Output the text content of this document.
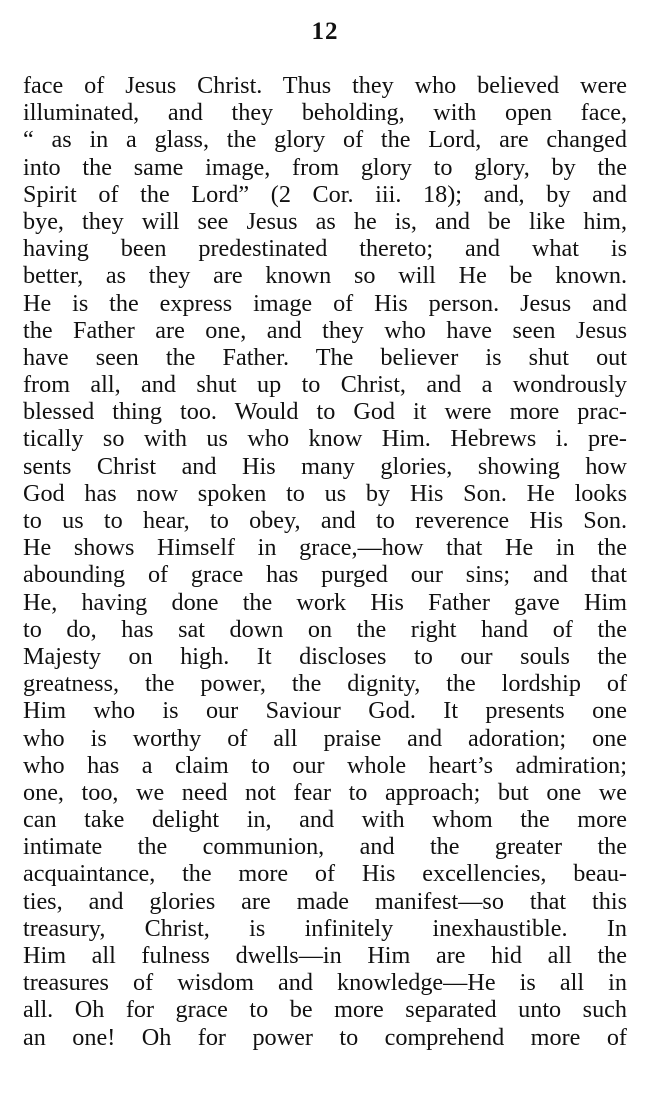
12
face of Jesus Christ. Thus they who believed were
illuminated, and they beholding, with open face,
“ as in a glass, the glory of the Lord, are changed
into the same image, from glory to glory, by the
Spirit of the Lord” (2 Cor. iii. 18); and, by and
bye, they will see Jesus as he is, and be like him,
having been predestinated thereto; and what is
better, as they are known so will He be known.
He is the express image of His person. Jesus and
the Father are one, and they who have seen Jesus
have seen the Father. The believer is shut out
from all, and shut up to Christ, and a wondrously
blessed thing too. Would to God it were more prac-
tically so with us who know Him. Hebrews i. pre-
sents Christ and His many glories, showing how
God has now spoken to us by His Son. He looks
to us to hear, to obey, and to reverence His Son.
He shows Himself in grace,—how that He in the
abounding of grace has purged our sins; and that
He, having done the work His Father gave Him
to do, has sat down on the right hand of the
Majesty on high. It discloses to our souls the
greatness, the power, the dignity, the lordship of
Him who is our Saviour God. It presents one
who is worthy of all praise and adoration; one
who has a claim to our whole heart’s admiration;
one, too, we need not fear to approach; but one we
can take delight in, and with whom the more
intimate the communion, and the greater the
acquaintance, the more of His excellencies, beau-
ties, and glories are made manifest—so that this
treasury, Christ, is infinitely inexhaustible. In
Him all fulness dwells—in Him are hid all the
treasures of wisdom and knowledge—He is all in
all. Oh for grace to be more separated unto such
an one! Oh for power to comprehend more of
